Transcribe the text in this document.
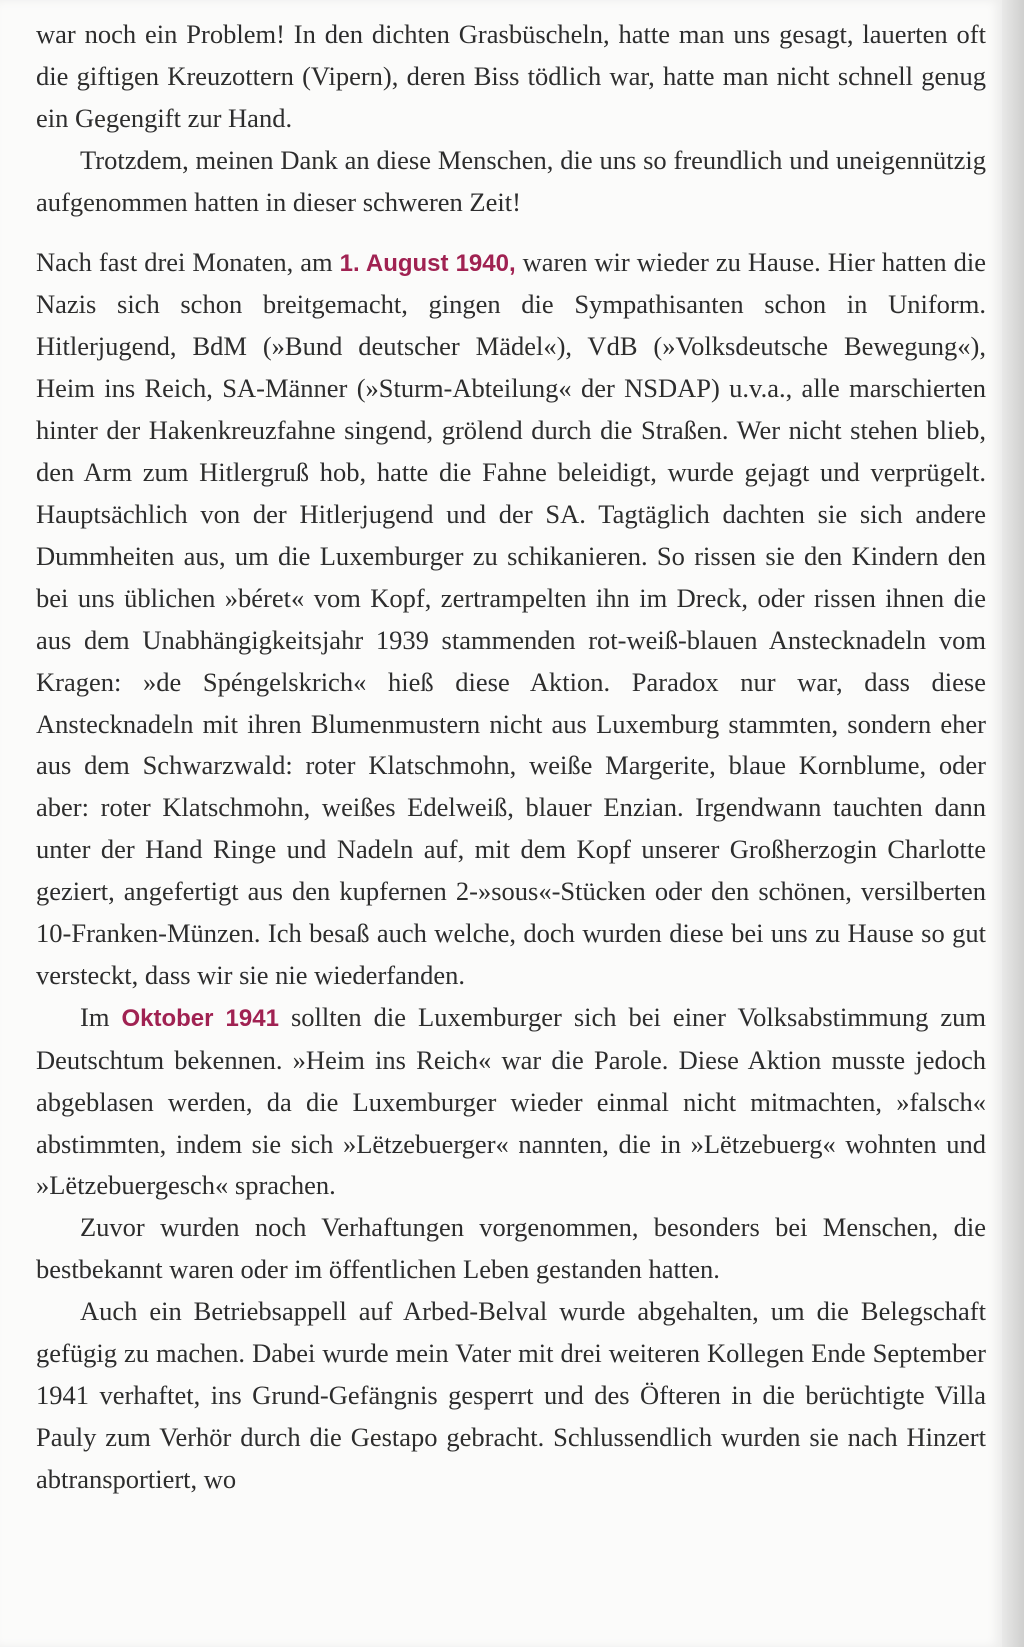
war noch ein Problem! In den dichten Grasbüscheln, hatte man uns gesagt, lauerten oft die giftigen Kreuzottern (Vipern), deren Biss tödlich war, hatte man nicht schnell genug ein Gegengift zur Hand.

Trotzdem, meinen Dank an diese Menschen, die uns so freundlich und uneigennützig aufgenommen hatten in dieser schweren Zeit!

Nach fast drei Monaten, am 1. August 1940, waren wir wieder zu Hause. Hier hatten die Nazis sich schon breitgemacht, gingen die Sympathisanten schon in Uniform. Hitlerjugend, BdM (»Bund deutscher Mädel«), VdB (»Volksdeutsche Bewegung«), Heim ins Reich, SA-Männer (»Sturm-Abteilung« der NSDAP) u.v.a., alle marschierten hinter der Hakenkreuzfahne singend, grölend durch die Straßen. Wer nicht stehen blieb, den Arm zum Hitlergruß hob, hatte die Fahne beleidigt, wurde gejagt und verprügelt. Hauptsächlich von der Hitlerjugend und der SA. Tagtäglich dachten sie sich andere Dummheiten aus, um die Luxemburger zu schikanieren. So rissen sie den Kindern den bei uns üblichen »béret« vom Kopf, zertrampelten ihn im Dreck, oder rissen ihnen die aus dem Unabhängigkeitsjahr 1939 stammenden rot-weiß-blauen Anstecknadeln vom Kragen: »de Spéngelskrich« hieß diese Aktion. Paradox nur war, dass diese Anstecknadeln mit ihren Blumenmustern nicht aus Luxemburg stammten, sondern eher aus dem Schwarzwald: roter Klatschmohn, weiße Margerite, blaue Kornblume, oder aber: roter Klatschmohn, weißes Edelweiß, blauer Enzian. Irgendwann tauchten dann unter der Hand Ringe und Nadeln auf, mit dem Kopf unserer Großherzogin Charlotte geziert, angefertigt aus den kupfernen 2-»sous«-Stücken oder den schönen, versilberten 10-Franken-Münzen. Ich besaß auch welche, doch wurden diese bei uns zu Hause so gut versteckt, dass wir sie nie wiederfanden.

Im Oktober 1941 sollten die Luxemburger sich bei einer Volksabstimmung zum Deutschtum bekennen. »Heim ins Reich« war die Parole. Diese Aktion musste jedoch abgeblasen werden, da die Luxemburger wieder einmal nicht mitmachten, »falsch« abstimmten, indem sie sich »Lëtzebuerger« nannten, die in »Lëtzebuerg« wohnten und »Lëtzebuergesch« sprachen.

Zuvor wurden noch Verhaftungen vorgenommen, besonders bei Menschen, die bestbekannt waren oder im öffentlichen Leben gestanden hatten.

Auch ein Betriebsappell auf Arbed-Belval wurde abgehalten, um die Belegschaft gefügig zu machen. Dabei wurde mein Vater mit drei weiteren Kollegen Ende September 1941 verhaftet, ins Grund-Gefängnis gesperrt und des Öfteren in die berüchtigte Villa Pauly zum Verhör durch die Gestapo gebracht. Schlussendlich wurden sie nach Hinzert abtransportiert, wo
